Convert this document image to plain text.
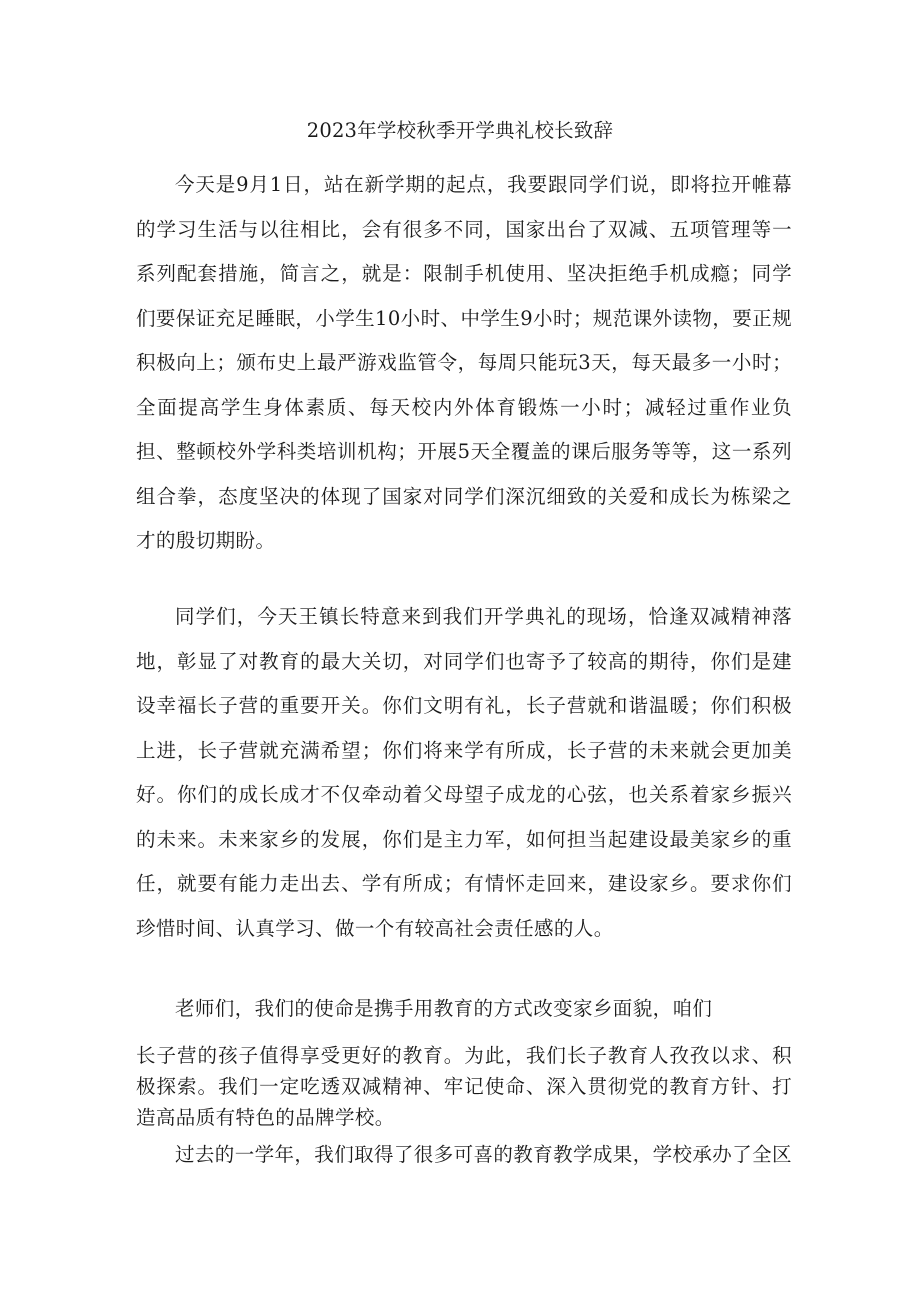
2023年学校秋季开学典礼校长致辞

今天是9月1日，站在新学期的起点，我要跟同学们说，即将拉开帷幕的学习生活与以往相比，会有很多不同，国家出台了双减、五项管理等一系列配套措施，简言之，就是：限制手机使用、坚决拒绝手机成瘾；同学们要保证充足睡眠，小学生10小时、中学生9小时；规范课外读物，要正规积极向上；颁布史上最严游戏监管令，每周只能玩3天，每天最多一小时；全面提高学生身体素质、每天校内外体育锻炼一小时；减轻过重作业负担、整顿校外学科类培训机构；开展5天全覆盖的课后服务等等，这一系列组合拳，态度坚决的体现了国家对同学们深沉细致的关爱和成长为栋梁之才的殷切期盼。

同学们，今天王镇长特意来到我们开学典礼的现场，恰逢双减精神落地，彰显了对教育的最大关切，对同学们也寄予了较高的期待，你们是建设幸福长子营的重要开关。你们文明有礼，长子营就和谐温暖；你们积极上进，长子营就充满希望；你们将来学有所成，长子营的未来就会更加美好。你们的成长成才不仅牵动着父母望子成龙的心弦，也关系着家乡振兴的未来。未来家乡的发展，你们是主力军，如何担当起建设最美家乡的重任，就要有能力走出去、学有所成；有情怀走回来，建设家乡。要求你们珍惜时间、认真学习、做一个有较高社会责任感的人。

老师们，我们的使命是携手用教育的方式改变家乡面貌，咱们

长子营的孩子值得享受更好的教育。为此，我们长子教育人孜孜以求、积极探索。我们一定吃透双减精神、牢记使命、深入贯彻党的教育方针、打造高品质有特色的品牌学校。

过去的一学年，我们取得了很多可喜的教育教学成果，学校承办了全区
